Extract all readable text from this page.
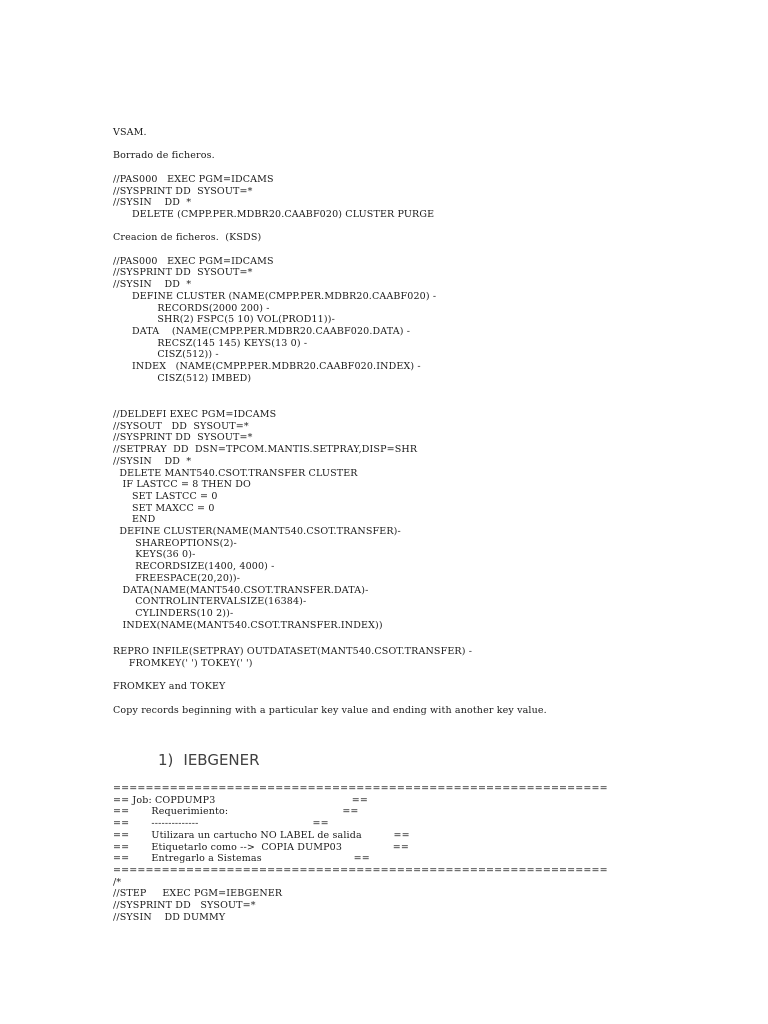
VSAM.

Borrado de ficheros.

//PAS000   EXEC PGM=IDCAMS
//SYSPRINT DD  SYSOUT=*
//SYSIN    DD  *
DELETE (CMPP.PER.MDBR20.CAABF020) CLUSTER PURGE

Creacion de ficheros.  (KSDS)

//PAS000   EXEC PGM=IDCAMS
//SYSPRINT DD  SYSOUT=*
//SYSIN    DD  *
DEFINE CLUSTER (NAME(CMPP.PER.MDBR20.CAABF020) -
RECORDS(2000 200) -
SHR(2) FSPC(5 10) VOL(PROD11))-
DATA    (NAME(CMPP.PER.MDBR20.CAABF020.DATA) -
RECSZ(145 145) KEYS(13 0) -
CISZ(512)) -
INDEX   (NAME(CMPP.PER.MDBR20.CAABF020.INDEX) -
CISZ(512) IMBED)
//DELDEFI EXEC PGM=IDCAMS
//SYSOUT   DD  SYSOUT=*
//SYSPRINT DD  SYSOUT=*
//SETPRAY  DD  DSN=TPCOM.MANTIS.SETPRAY,DISP=SHR
//SYSIN    DD  *
DELETE MANT540.CSOT.TRANSFER CLUSTER
IF LASTCC = 8 THEN DO
SET LASTCC = 0
SET MAXCC = 0
END
DEFINE CLUSTER(NAME(MANT540.CSOT.TRANSFER)-
SHAREOPTIONS(2)-
KEYS(36 0)-
RECORDSIZE(1400, 4000) -
FREESPACE(20,20))-
DATA(NAME(MANT540.CSOT.TRANSFER.DATA)-
CONTROLINTERVALSIZE(16384)-
CYLINDERS(10 2))-
INDEX(NAME(MANT540.CSOT.TRANSFER.INDEX))
REPRO INFILE(SETPRAY) OUTDATASET(MANT540.CSOT.TRANSFER) -
FROMKEY(' ') TOKEY(' ')

FROMKEY and TOKEY

Copy records beginning with a particular key value and ending with another key value.
1) IEBGENER
=============================================================
== Job: COPDUMP3                                           ==
==       Requerimiento:                                    ==
==       --------------                                    ==
==       Utilizara un cartucho NO LABEL de salida          ==
==       Etiquetarlo como -->  COPIA DUMP03                ==
==       Entregarlo a Sistemas                             ==
=============================================================
/*
//STEP     EXEC PGM=IEBGENER
//SYSPRINT DD   SYSOUT=*
//SYSIN    DD DUMMY
